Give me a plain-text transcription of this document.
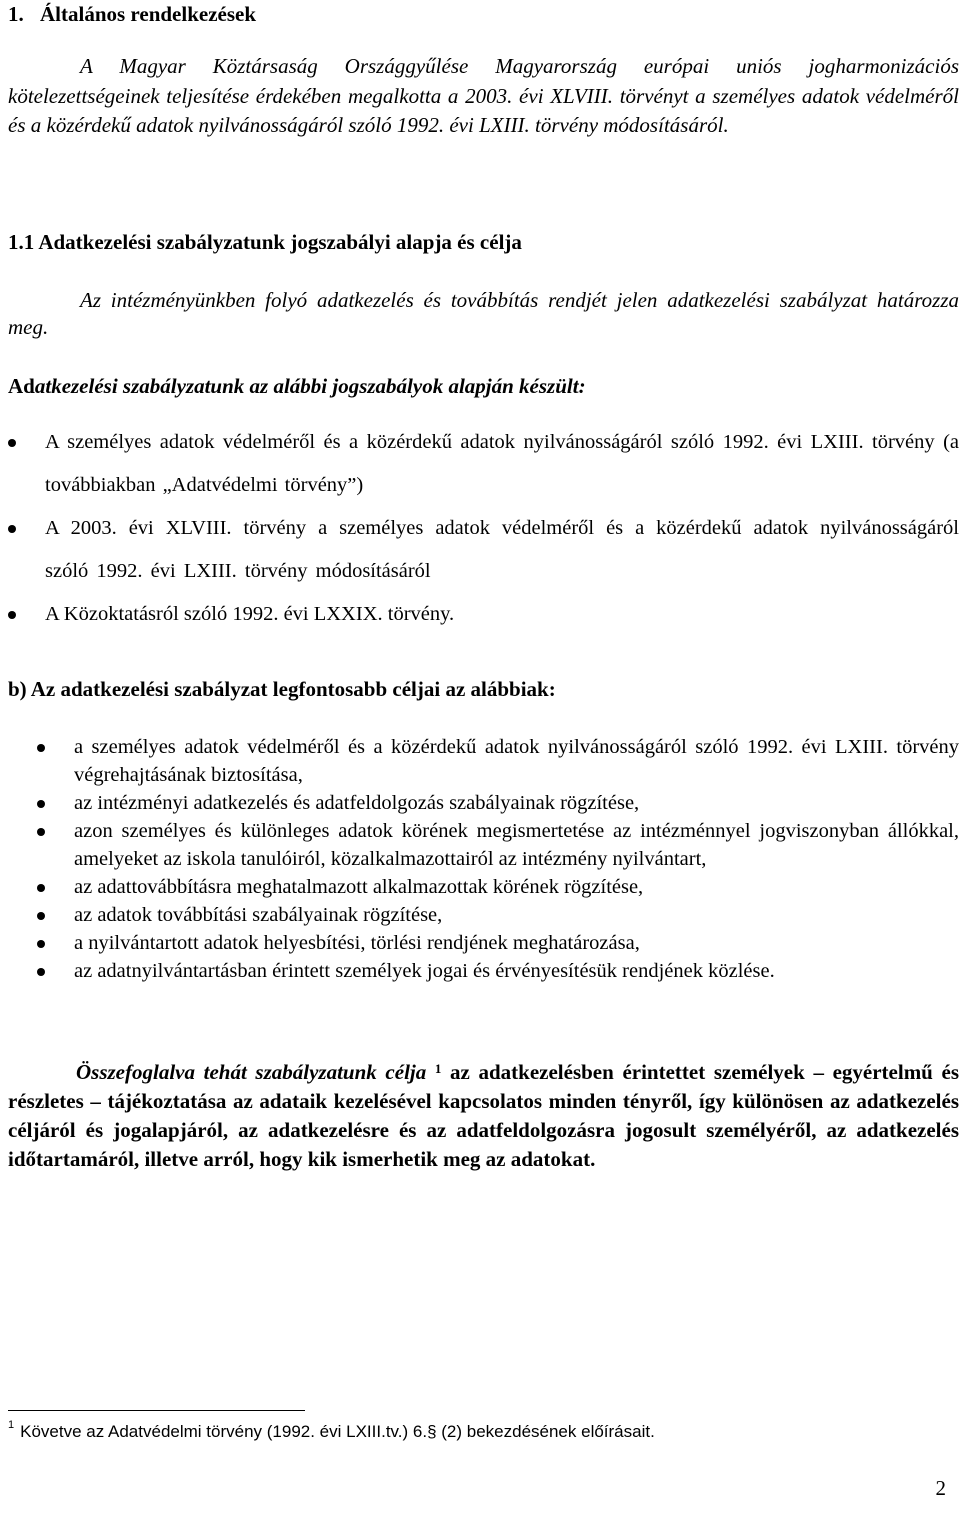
1. Általános rendelkezések
A Magyar Köztársaság Országgyűlése Magyarország európai uniós jogharmonizációs kötelezettségeinek teljesítése érdekében megalkotta a 2003. évi XLVIII. törvényt a személyes adatok védelméről és a közérdekű adatok nyilvánosságáról szóló 1992. évi LXIII. törvény módosításáról.
1.1 Adatkezelési szabályzatunk jogszabályi alapja és célja
Az intézményünkben folyó adatkezelés és továbbítás rendjét jelen adatkezelési szabályzat határozza meg.
Adatkezelési szabályzatunk az alábbi jogszabályok alapján készült:
A személyes adatok védelméről és a közérdekű adatok nyilvánosságáról szóló 1992. évi LXIII. törvény (a továbbiakban „Adatvédelmi törvény”)
A 2003. évi XLVIII. törvény a személyes adatok védelméről és a közérdekű adatok nyilvánosságáról szóló 1992. évi LXIII. törvény módosításáról
A Közoktatásról szóló 1992. évi LXXIX. törvény.
b) Az adatkezelési szabályzat legfontosabb céljai az alábbiak:
a személyes adatok védelméről és a közérdekű adatok nyilvánosságáról szóló 1992. évi LXIII. törvény végrehajtásának biztosítása,
az intézményi adatkezelés és adatfeldolgozás szabályainak rögzítése,
azon személyes és különleges adatok körének megismertetése az intézménnyel jogviszonyban állókkal, amelyeket az iskola tanulóiról, közalkalmazottairól az intézmény nyilvántart,
az adattovábbításra meghatalmazott alkalmazottak körének rögzítése,
az adatok továbbítási szabályainak rögzítése,
a nyilvántartott adatok helyesbítési, törlési rendjének meghatározása,
az adatnyilvántartásban érintett személyek jogai és érvényesítésük rendjének közlése.
Összefoglalva tehát szabályzatunk célja $^1$ az adatkezelésben érintettet személyek – egyértelmű és részletes – tájékoztatása az adataik kezelésével kapcsolatos minden tényről, így különösen az adatkezelés céljáról és jogalapjáról, az adatkezelésre és az adatfeldolgozásra jogosult személyéről, az adatkezelés időtartamáról, illetve arról, hogy kik ismerhetik meg az adatokat.
$^1$ Követve az Adatvédelmi törvény (1992. évi LXIII.tv.) 6.§ (2) bekezdésének előírásait.
2
